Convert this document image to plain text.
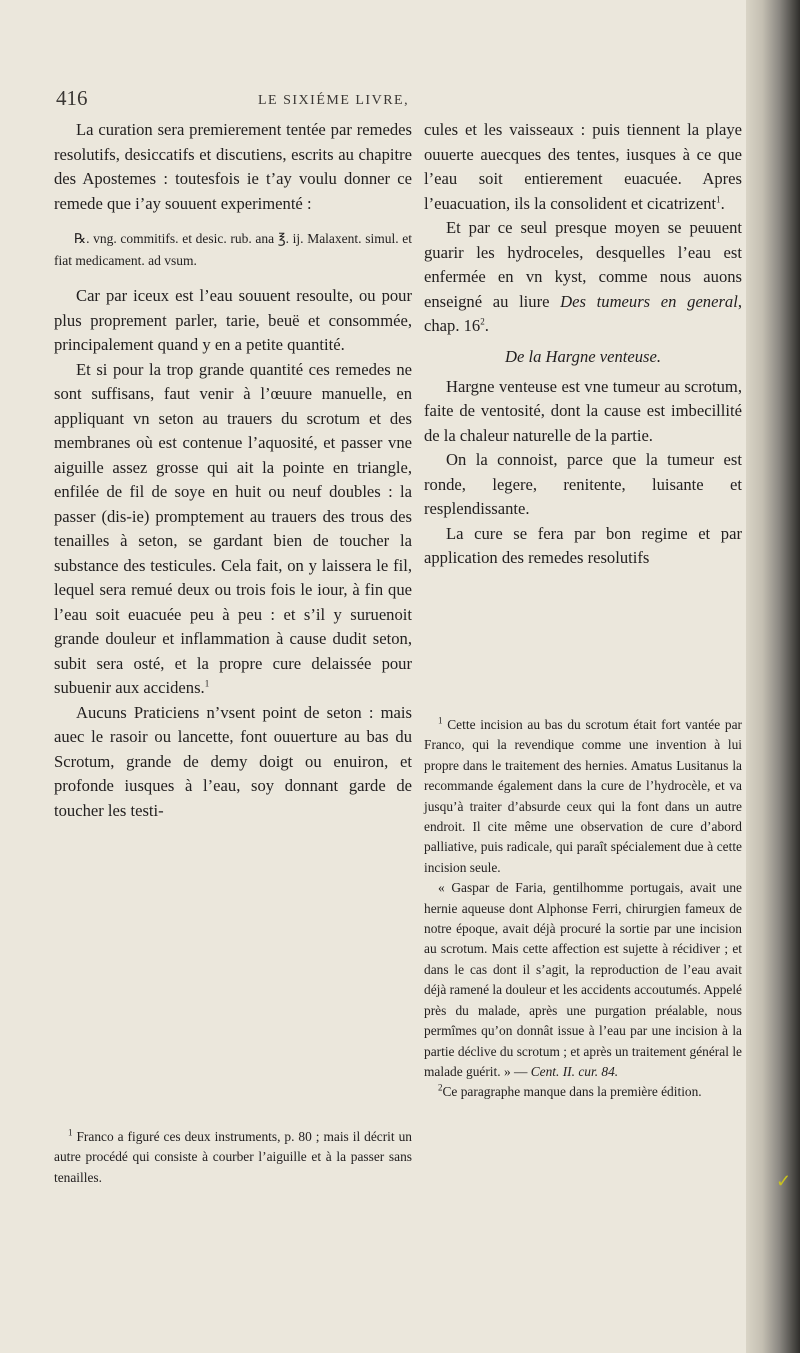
416	LE SIXIÉME LIVRE,

La curation sera premierement tentée par remedes resolutifs, desiccatifs et discutiens, escrits au chapitre des Apostemes : toutesfois ie t’ay voulu donner ce remede que i’ay souuent experimenté :

℞. vng. commitifs. et desic. rub. ana ℥. ij. Malaxent. simul. et fiat medicament. ad vsum.

Car par iceux est l’eau souuent resoulte, ou pour plus proprement parler, tarie, beuë et consommée, principalement quand y en a petite quantité.

Et si pour la trop grande quantité ces remedes ne sont suffisans, faut venir à l’œuure manuelle, en appliquant vn seton au trauers du scrotum et des membranes où est contenue l’aquosité, et passer vne aiguille assez grosse qui ait la pointe en triangle, enfilée de fil de soye en huit ou neuf doubles : la passer (dis-ie) promptement au trauers des trous des tenailles à seton, se gardant bien de toucher la substance des testicules. Cela fait, on y laissera le fil, lequel sera remué deux ou trois fois le iour, à fin que l’eau soit euacuée peu à peu : et s’il y suruenoit grande douleur et inflammation à cause dudit seton, subit sera osté, et la propre cure delaissée pour subuenir aux accidens.$^1$

Aucuns Praticiens n’vsent point de seton : mais auec le rasoir ou lancette, font ouuerture au bas du Scrotum, grande de demy doigt ou enuiron, et profonde iusques à l’eau, soy donnant garde de toucher les testi-

$^1$ Franco a figuré ces deux instruments, p. 80 ; mais il décrit un autre procédé qui consiste à courber l’aiguille et à la passer sans tenailles.

cules et les vaisseaux : puis tiennent la playe ouuerte auecques des tentes, iusques à ce que l’eau soit entierement euacuée. Apres l’euacuation, ils la consolident et cicatrizent$^1$.

Et par ce seul presque moyen se peuuent guarir les hydroceles, desquelles l’eau est enfermée en vn kyst, comme nous auons enseigné au liure Des tumeurs en general, chap. $16^2$.

De la Hargne venteuse.

Hargne venteuse est vne tumeur au scrotum, faite de ventosité, dont la cause est imbecillité de la chaleur naturelle de la partie.

On la connoist, parce que la tumeur est ronde, legere, renitente, luisante et resplendissante.

La cure se fera par bon regime et par application des remedes resolutifs

$^1$ Cette incision au bas du scrotum était fort vantée par Franco, qui la revendique comme une invention à lui propre dans le traitement des hernies. Amatus Lusitanus la recommande également dans la cure de l’hydrocèle, et va jusqu’à traiter d’absurde ceux qui la font dans un autre endroit. Il cite même une observation de cure d’abord palliative, puis radicale, qui paraît spécialement due à cette incision seule.

« Gaspar de Faria, gentilhomme portugais, avait une hernie aqueuse dont Alphonse Ferri, chirurgien fameux de notre époque, avait déjà procuré la sortie par une incision au scrotum. Mais cette affection est sujette à récidiver ; et dans le cas dont il s’agit, la reproduction de l’eau avait déjà ramené la douleur et les accidents accoutumés. Appelé près du malade, après une purgation préalable, nous permîmes qu’on donnât issue à l’eau par une incision à la partie déclive du scrotum ; et après un traitement général le malade guérit. » — Cent. II. cur. 84.

$^2$Ce paragraphe manque dans la première édition.

✓
